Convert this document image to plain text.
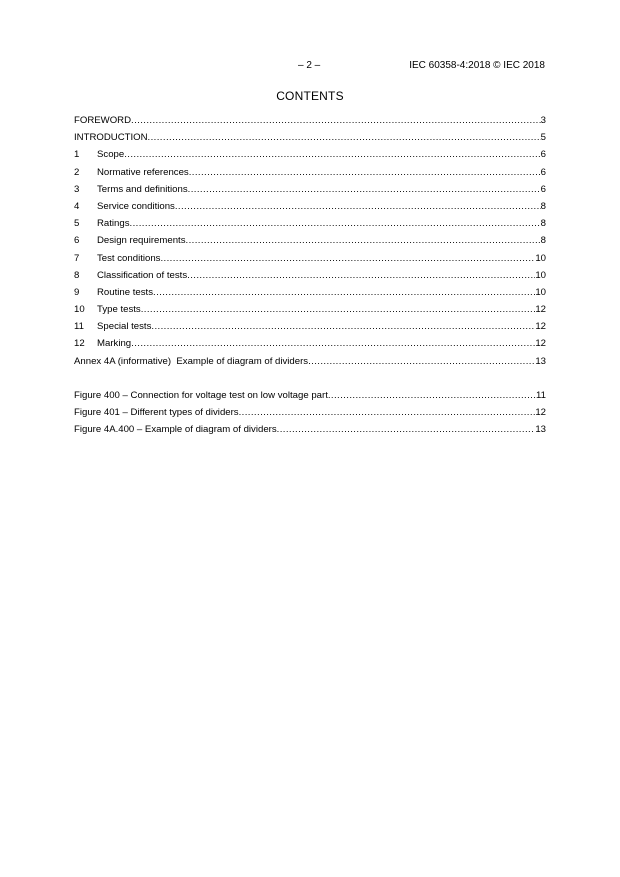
– 2 –	IEC 60358-4:2018 © IEC 2018
CONTENTS
FOREWORD .....	3
INTRODUCTION .....	5
1	Scope .....	6
2	Normative references .....	6
3	Terms and definitions .....	6
4	Service conditions .....	8
5	Ratings .....	8
6	Design requirements .....	8
7	Test conditions .....	10
8	Classification of tests .....	10
9	Routine tests .....	10
10	Type tests .....	12
11	Special tests .....	12
12	Marking .....	12
Annex 4A (informative)  Example of diagram of dividers .....	13
Figure 400 – Connection for voltage test on low voltage part .....	11
Figure 401 – Different types of dividers .....	12
Figure 4A.400 – Example of diagram of dividers .....	13
